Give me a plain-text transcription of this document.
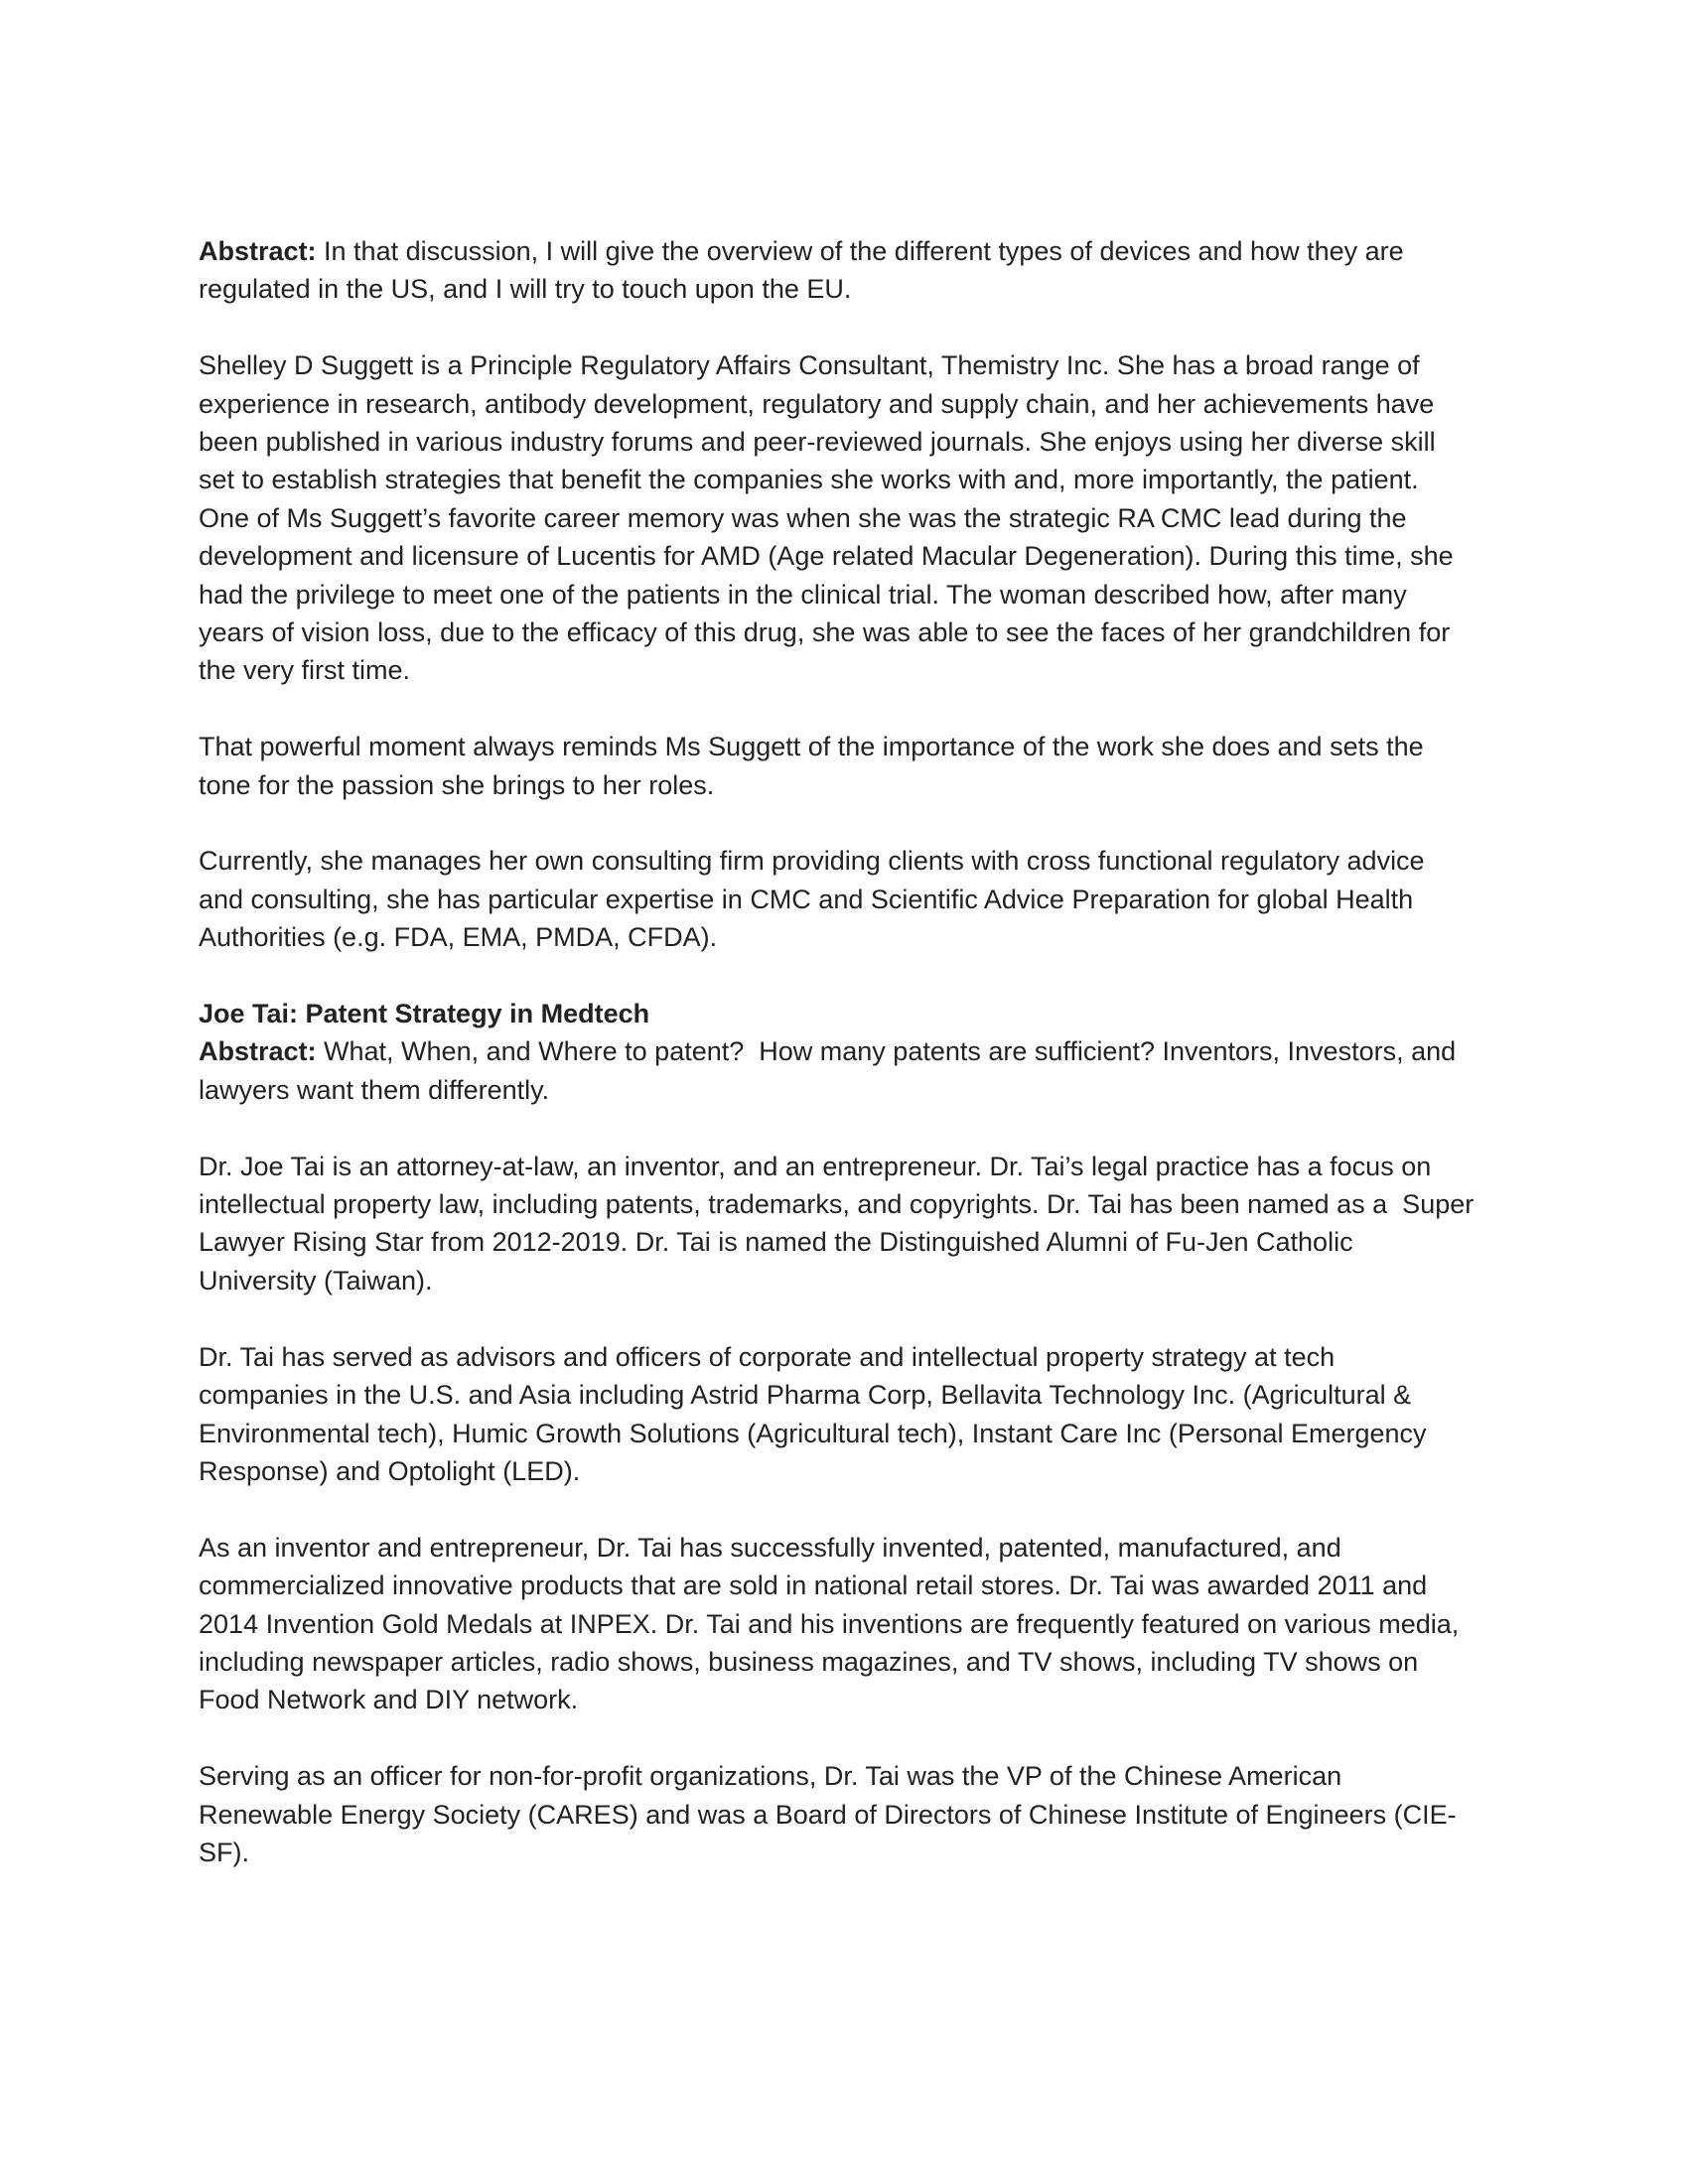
Abstract: In that discussion, I will give the overview of the different types of devices and how they are
regulated in the US, and I will try to touch upon the EU.
Shelley D Suggett is a Principle Regulatory Affairs Consultant, Themistry Inc. She has a broad range of
experience in research, antibody development, regulatory and supply chain, and her achievements have
been published in various industry forums and peer-reviewed journals. She enjoys using her diverse skill
set to establish strategies that benefit the companies she works with and, more importantly, the patient.
One of Ms Suggett’s favorite career memory was when she was the strategic RA CMC lead during the
development and licensure of Lucentis for AMD (Age related Macular Degeneration). During this time, she
had the privilege to meet one of the patients in the clinical trial. The woman described how, after many
years of vision loss, due to the efficacy of this drug, she was able to see the faces of her grandchildren for
the very first time.
That powerful moment always reminds Ms Suggett of the importance of the work she does and sets the
tone for the passion she brings to her roles.
Currently, she manages her own consulting firm providing clients with cross functional regulatory advice
and consulting, she has particular expertise in CMC and Scientific Advice Preparation for global Health
Authorities (e.g. FDA, EMA, PMDA, CFDA).
Joe Tai: Patent Strategy in Medtech
Abstract: What, When, and Where to patent?  How many patents are sufficient? Inventors, Investors, and
lawyers want them differently.
Dr. Joe Tai is an attorney-at-law, an inventor, and an entrepreneur. Dr. Tai’s legal practice has a focus on
intellectual property law, including patents, trademarks, and copyrights. Dr. Tai has been named as a  Super
Lawyer Rising Star from 2012-2019. Dr. Tai is named the Distinguished Alumni of Fu-Jen Catholic
University (Taiwan).
Dr. Tai has served as advisors and officers of corporate and intellectual property strategy at tech
companies in the U.S. and Asia including Astrid Pharma Corp, Bellavita Technology Inc. (Agricultural &
Environmental tech), Humic Growth Solutions (Agricultural tech), Instant Care Inc (Personal Emergency
Response) and Optolight (LED).
As an inventor and entrepreneur, Dr. Tai has successfully invented, patented, manufactured, and
commercialized innovative products that are sold in national retail stores. Dr. Tai was awarded 2011 and
2014 Invention Gold Medals at INPEX. Dr. Tai and his inventions are frequently featured on various media,
including newspaper articles, radio shows, business magazines, and TV shows, including TV shows on
Food Network and DIY network.
Serving as an officer for non-for-profit organizations, Dr. Tai was the VP of the Chinese American
Renewable Energy Society (CARES) and was a Board of Directors of Chinese Institute of Engineers (CIE-
SF).
